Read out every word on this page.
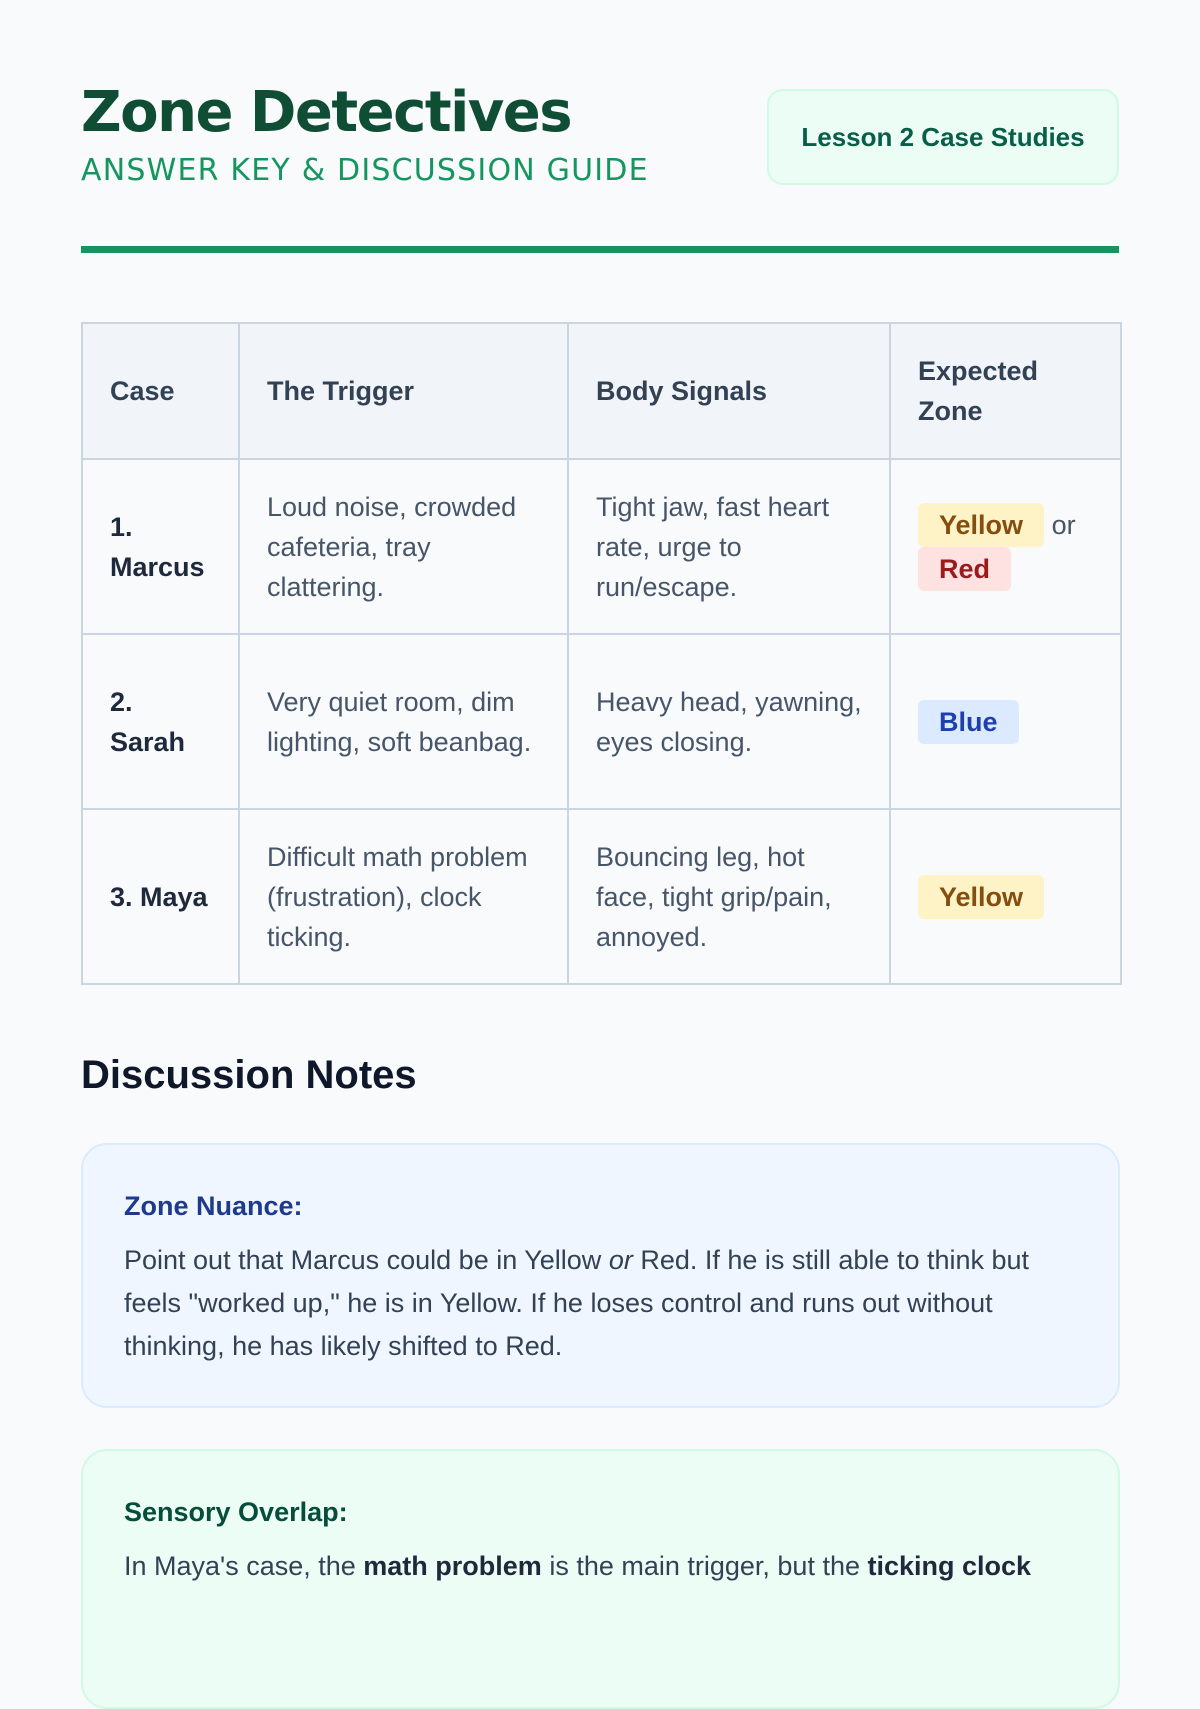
Zone Detectives
ANSWER KEY & DISCUSSION GUIDE
Lesson 2 Case Studies
Case	The Trigger	Body Signals	Expected Zone
1. Marcus	Loud noise, crowded cafeteria, tray clattering.	Tight jaw, fast heart rate, urge to run/escape.	Yellow or Red
2. Sarah	Very quiet room, dim lighting, soft beanbag.	Heavy head, yawning, eyes closing.	Blue
3. Maya	Difficult math problem (frustration), clock ticking.	Bouncing leg, hot face, tight grip/pain, annoyed.	Yellow
Discussion Notes
Zone Nuance:

Point out that Marcus could be in Yellow or Red. If he is still able to think but feels "worked up," he is in Yellow. If he loses control and runs out without thinking, he has likely shifted to Red.

Sensory Overlap:

In Maya's case, the math problem is the main trigger, but the ticking clock
